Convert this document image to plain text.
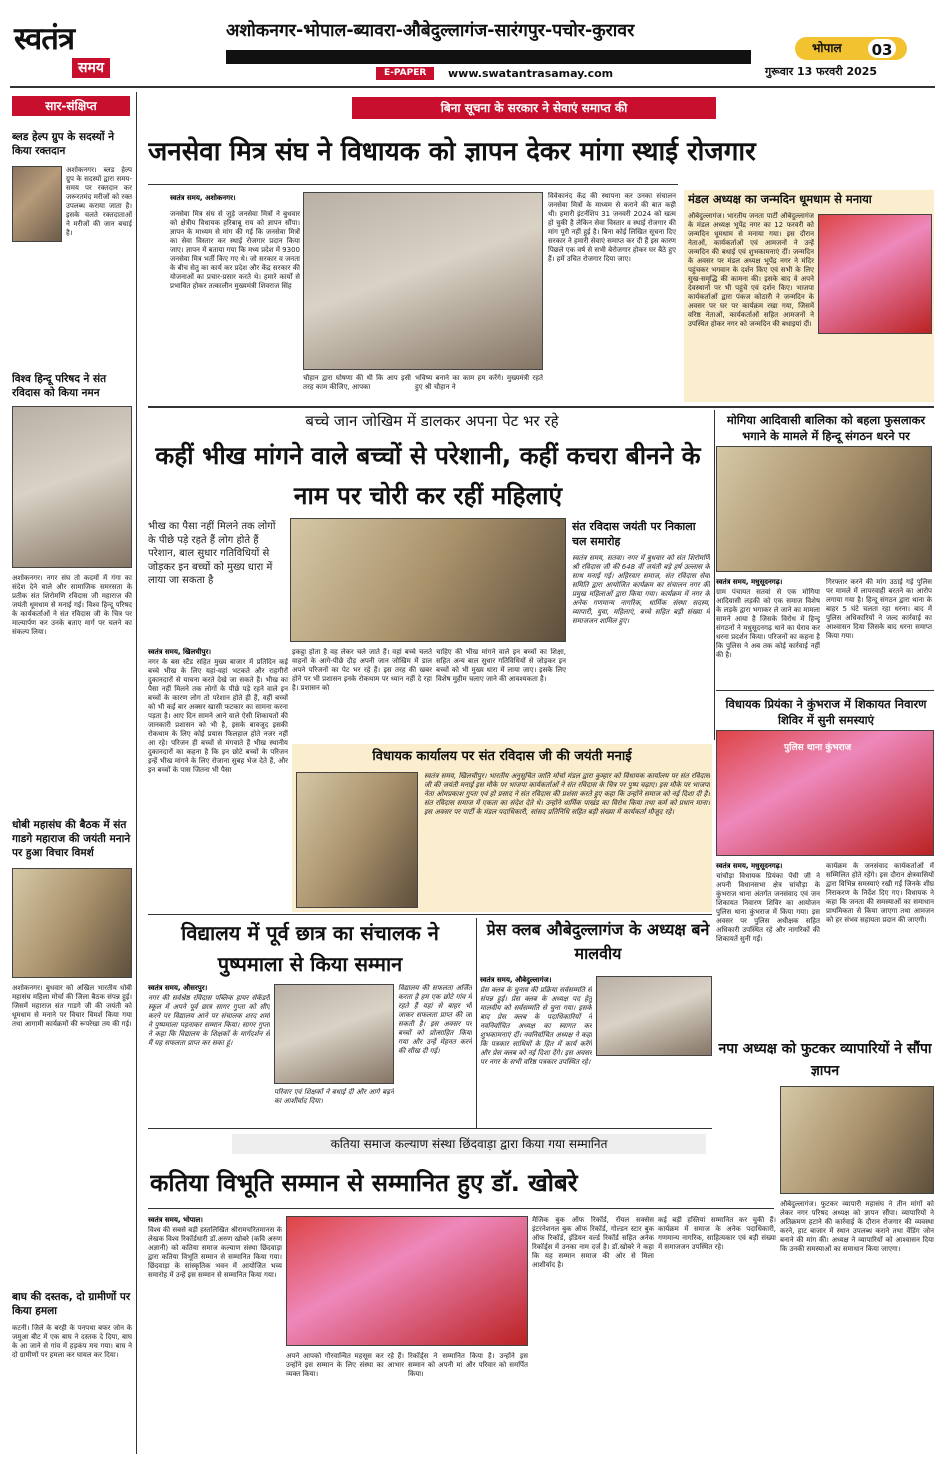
स्वतंत्र
समय
अशोकनगर-भोपाल-ब्यावरा-औबेदुल्लागंज-सारंगपुर-पचोर-कुरावर
E-PAPER	www.swatantrasamay.com
भोपाल	03
गुरूवार 13 फरवरी 2025
सार-संक्षिप्त
ब्लड हेल्प ग्रुप के सदस्यों ने किया रक्तदान
अशोकनगर। ब्लड हेल्प ग्रुप के सदस्यों द्वारा समय-समय पर रक्तदान कर जरूरतमंद मरीजों को रक्त उपलब्ध कराया जाता है। इसके चलते रक्तदाताओं ने मरीजों की जान बचाई है।
विश्व हिन्दू परिषद ने संत रविदास को किया नमन
अशोकनगर। नगर संघ तो कदमों में गंगा का संदेश देने वाले और सामाजिक समरसता के प्रतीक संत शिरोमणि रविदास जी महाराज की जयंती धूमधाम से मनाई गई। विश्व हिन्दू परिषद के कार्यकर्ताओं ने संत रविदास जी के चित्र पर माल्यार्पण कर उनके बताए मार्ग पर चलने का संकल्प लिया।
धोबी महासंघ की बैठक में संत गाडगे महाराज की जयंती मनाने पर हुआ विचार विमर्श
अशोकनगर। बुधवार को अखिल भारतीय धोबी महासंघ महिला मोर्चा की जिला बैठक संपन्न हुई। जिसमें महाराज संत गाडगे जी की जयंती को धूमधाम से मनाने पर विचार विमर्श किया गया तथा आगामी कार्यक्रमों की रूपरेखा तय की गई।
बाघ की दस्तक, दो ग्रामीणों पर किया हमला
कटनी। जिले के बरही के पनपथा बफर जोन के जमुआ बीट में एक बाघ ने दस्तक दे दिया, बाघ के आ जाने से गांव में हड़कंप मच गया। बाघ ने दो ग्रामीणों पर हमला कर घायल कर दिया।
बिना सूचना के सरकार ने सेवाएं समाप्त की
जनसेवा मित्र संघ ने विधायक को ज्ञापन देकर मांगा स्थाई रोजगार
स्वतंत्र समय, अशोकनगर।
जनसेवा मित्र संघ से जुड़े जनसेवा मित्रों ने बुधवार को क्षेत्रीय विधायक हरिबाबू राय को ज्ञापन सौंपा। ज्ञापन के माध्यम से मांग की गई कि जनसेवा मित्रों का सेवा विस्तार कर स्थाई रोजगार प्रदान किया जाए। ज्ञापन में बताया गया कि मध्य प्रदेश में 9300 जनसेवा मित्र भर्ती किए गए थे। जो सरकार व जनता के बीच सेतु का कार्य कर प्रदेश और केंद्र सरकार की योजनाओं का प्रचार-प्रसार करते थे। हमारे कार्यों से प्रभावित होकर तत्कालीन मुख्यमंत्री शिवराज सिंह
चौहान द्वारा घोषणा की थी कि आप इसी तरह काम कीजिए, आपका
भविष्य बनाने का काम हम करेंगे। मुख्यमंत्री रहते हुए श्री चौहान ने
विवेकानंद केंद्र की स्थापना कर उनका संचालन जनसेवा मित्रों के माध्यम से कराने की बात कही थी। हमारी इंटर्नशिप 31 जनवरी 2024 को खत्म हो चुकी है लेकिन सेवा विस्तार व स्थाई रोजगार की मांग पूरी नहीं हुई है। बिना कोई लिखित सूचना दिए सरकार ने हमारी सेवाएं समाप्त कर दी हैं इस कारण पिछले एक वर्ष से सभी बेरोजगार होकर घर बैठे हुए हैं। हमें उचित रोजगार दिया जाए।
मंडल अध्यक्ष का जन्मदिन धूमधाम से मनाया
औबेदुल्लागंज। भारतीय जनता पार्टी औबेदुल्लागंज के मंडल अध्यक्ष भूपेंद्र नगर का 12 फरवरी को जन्मदिन धूमधाम से मनाया गया। इस दौरान नेताओं, कार्यकर्ताओं एवं आमजनों ने उन्हें जन्मदिन की बधाई एवं शुभकामनाएं दीं। जन्मदिन के अवसर पर मंडल अध्यक्ष भूपेंद्र नगर ने मंदिर पहुंचकर भगवान के दर्शन किए एवं सभी के लिए सुख-समृद्धि की कामना की। इसके बाद वे अपने देवस्थानों पर भी पहुंचे एवं दर्शन किए। भाजपा कार्यकर्ताओं द्वारा पंकज कोठारी ने जन्मदिन के अवसर पर घर पर कार्यक्रम रखा गया, जिसमें वरिष्ठ नेताओं, कार्यकर्ताओं सहित आमजनों ने उपस्थित होकर नगर को जन्मदिन की बधाइयां दीं।
बच्चे जान जोखिम में डालकर अपना पेट भर रहे
कहीं भीख मांगने वाले बच्चों से परेशानी, कहीं कचरा बीनने के नाम पर चोरी कर रहीं महिलाएं
भीख का पैसा नहीं मिलने तक लोगों के पीछे पड़े रहते हैं लोग होते हैं परेशान, बाल सुधार गतिविधियों से जोड़कर इन बच्चों को मुख्य धारा में लाया जा सकता है
स्वतंत्र समय, खिलचीपुर।
नगर के बस स्टैंड सहित मुख्य बाजार में प्रतिदिन कई बच्चे भीख के लिए यहां-वहां भटकते और राहगीरों दुकानदारों से याचना करते देखे जा सकते हैं। भीख का पैसा नहीं मिलने तक लोगों के पीछे पड़े रहने वाले इन बच्चों के कारण लोग तो परेशान होते ही हैं, वहीं बच्चों को भी कई बार अक्सर खासी फटकार का सामना करना पड़ता है। आए दिन सामने आने वाले ऐसी शिकायतों की जानकारी प्रशासन को भी है, इसके बावजूद इसकी रोकथाम के लिए कोई प्रयास फिलहाल होते नजर नहीं आ रहे। परिजन ही बच्चों से मंगवाते हैं भीख स्थानीय दुकानदारों का कहना है कि इन छोटे बच्चों के परिजन इन्हें भीख मांगने के लिए रोजाना सुबह भेज देते हैं, और इन बच्चों के पास जितना भी पैसा
इकट्ठा होता है वह लेकर चले जाते हैं। वहां बच्चे चलते वाहनों के आगे-पीछे दौड़ अपनी जान जोखिम में डाल अपने परिजनों का पेट भर रहे हैं। इस तरह की खबर होने पर भी प्रशासन इनके रोकथाम पर ध्यान नहीं दे रहा है। प्रशासन को
चाहिए की भीख मांगने वाले इन बच्चों का शिक्षा, सहित अन्य बाल सुधार गतिविधियों से जोड़कर इन बच्चों को भी मुख्य धारा में लाया जाए। इसके लिए विशेष मुहीम चलाए जाने की आवश्यकता है।
संत रविदास जयंती पर निकाला चल समारोह
स्वतंत्र समय, सतवा। नगर में बुधवार को संत शिरोमणि श्री रविदास जी की 648 वीं जयंती बड़े हर्ष उल्लास के साथ मनाई गई। अहिरवार समाज, संत रविदास सेवा समिति द्वारा आयोजित कार्यक्रम का संचालन नगर की प्रमुख महिलाओं द्वारा किया गया। कार्यक्रम में नगर के अनेक गणमान्य नागरिक, धार्मिक संस्था सदस्य, व्यापारी, युवा, महिलाएं, बच्चे सहित बड़ी संख्या में समाजजन शामिल हुए।
मोगिया आदिवासी बालिका को बहला फुसलाकर भगाने के मामले में हिन्दू संगठन धरने पर
स्वतंत्र समय, मधुसूदनगढ़।
ग्राम पंचायत सतवां से एक मोगिया आदिवासी लड़की को एक समाज विशेष के लड़के द्वारा भगाकर ले जाने का मामला सामने आया है जिसके विरोध में हिन्दू संगठनों ने मधुसूदनगढ़ थाने का घेराव कर धरना प्रदर्शन किया। परिजनों का कहना है कि पुलिस ने अब तक कोई कार्रवाई नहीं की है।
गिरफ्तार करने की मांग उठाई गई पुलिस पर मामले में लापरवाही बरतने का आरोप लगाया गया है। हिन्दू संगठन द्वारा थाना के बाहर 5 घंटे चलता रहा धरना। बाद में पुलिस अधिकारियों ने जल्द कार्रवाई का आश्वासन दिया जिसके बाद धरना समाप्त किया गया।
विधायक कार्यालय पर संत रविदास जी की जयंती मनाई
स्वतंत्र समय, खिलचीपुर। भारतीय अनुसूचित जाति मोर्चा मंडल द्वारा कुम्हार को विधायक कार्यालय पर संत रविदास जी की जयंती मनाई इस मौके पर भाजपा कार्यकर्ताओं ने संत रविदास के चित्र पर पुष्प चढ़ाए। इस मौके पर भाजपा नेता ओमप्रकाश गुप्ता एवं हो प्रसाद ने संत रविदास की प्रशंसा करते हुए कहा कि उन्होंने समाज को नई दिशा दी है। संत रविदास समाज में एकता का संदेश देते थे। उन्होंने धार्मिक पाखंड का विरोध किया तथा कर्म को प्रधान माना। इस अवसर पर पार्टी के मंडल पदाधिकारी, सांसद प्रतिनिधि सहित बड़ी संख्या में कार्यकर्ता मौजूद रहे।
विधायक प्रियंका ने कुंभराज में शिकायत निवारण शिविर में सुनी समस्याएं
पुलिस थाना कुंभराज
स्वतंत्र समय, मधुसूदनगढ़।
चांचौड़ा विधायक प्रियंका पेंची जी ने अपनी विधानसभा क्षेत्र चांचौड़ा के कुंभराज थाना अंतर्गत जनसंवाद एवं जन शिकायत निवारण शिविर का आयोजन पुलिस थाना कुंभराज में किया गया। इस अवसर पर पुलिस अधीक्षक सहित अधिकारी उपस्थित रहे और नागरिकों की शिकायतें सुनी गईं।
कार्यक्रम के जनसंवाद कार्यकर्ताओं में सम्मिलित होते रहेंगे। इस दौरान क्षेत्रवासियों द्वारा विभिन्न समस्याएं रखी गईं जिनके शीघ्र निराकरण के निर्देश दिए गए। विधायक ने कहा कि जनता की समस्याओं का समाधान प्राथमिकता से किया जाएगा तथा आमजन को हर संभव सहायता प्रदान की जाएगी।
विद्यालय में पूर्व छात्र का संचालक ने पुष्पमाला से किया सम्मान
स्वतंत्र समय, औसरपुर।
नगर की सर्वश्रेष्ठ रविदास पब्लिक हायर सेकेंडरी स्कूल में अपने पूर्व छात्र सागर गुप्ता को सीए करने पर विद्यालय आने पर संचालक शरद शर्मा ने पुष्पमाला पहनाकर सम्मान किया। सागर गुप्ता ने कहा कि विद्यालय के शिक्षकों के मार्गदर्शन से मैं यह सफलता प्राप्त कर सका हूं।
परिवार एवं शिक्षकों ने बधाई दी और आगे बढ़ने का आशीर्वाद दिया।
विद्यालय की सफलता अर्जित करता है हम एक छोटे गांव में रहते हैं यहां से बाहर भी जाकर सफलता प्राप्त की जा सकती है। इस अवसर पर बच्चों को प्रोत्साहित किया गया और उन्हें मेहनत करने की सीख दी गई।
प्रेस क्लब औबेदुल्लागंज के अध्यक्ष बने मालवीय
स्वतंत्र समय, औबेदुल्लागंज।
प्रेस क्लब के चुनाव की प्रक्रिया सर्वसम्मति से संपन्न हुई। प्रेस क्लब के अध्यक्ष पद हेतु मालवीय को सर्वसम्मति से चुना गया। इसके बाद प्रेस क्लब के पदाधिकारियों ने नवनिर्वाचित अध्यक्ष का स्वागत कर शुभकामनाएं दीं। नवनिर्वाचित अध्यक्ष ने कहा कि पत्रकार साथियों के हित में कार्य करेंगे और प्रेस क्लब को नई दिशा देंगे। इस अवसर पर नगर के सभी वरिष्ठ पत्रकार उपस्थित रहे।
नपा अध्यक्ष को फुटकर व्यापारियों ने सौंपा ज्ञापन
औबेदुल्लागंज। फुटकर व्यापारी महासंघ ने तीन मांगों को लेकर नगर परिषद अध्यक्ष को ज्ञापन सौंपा। व्यापारियों ने अतिक्रमण हटाने की कार्रवाई के दौरान रोजगार की व्यवस्था करने, हाट बाजार में स्थान उपलब्ध कराने तथा वेंडिंग जोन बनाने की मांग की। अध्यक्ष ने व्यापारियों को आश्वासन दिया कि उनकी समस्याओं का समाधान किया जाएगा।
कतिया समाज कल्याण संस्था छिंदवाड़ा द्वारा किया गया सम्मानित
कतिया विभूति सम्मान से सम्मानित हुए डॉ. खोबरे
स्वतंत्र समय, भोपाल।
विश्व की सबसे बड़ी हस्तलिखित श्रीरामचरितमानस के लेखक विश्व रिकॉर्डधारी डॉ.अरुण खोबरे (कवि अरुण अज्ञानी) को कतिया समाज कल्याण संस्था छिंदवाड़ा द्वारा कतिया विभूति सम्मान से सम्मानित किया गया। छिंदवाड़ा के सांस्कृतिक भवन में आयोजित भव्य समारोह में उन्हें इस सम्मान से सम्मानित किया गया।
अपने आपको गौरवान्वित महसूस कर रहे हैं। उन्होंने इस सम्मान के लिए संस्था का आभार व्यक्त किया।
रिकॉर्ड्स ने सम्मानित किया है। उन्होंने इस सम्मान को अपनी मां और परिवार को समर्पित किया।
मैजिक बुक ऑफ रिकॉर्ड, रॉयल सक्सेस इंटरनेशनल बुक ऑफ रिकॉर्ड, गोल्डन स्टार बुक ऑफ रिकॉर्ड, इंडियन वर्ल्ड रिकॉर्ड सहित अनेक रिकॉर्ड्स में उनका नाम दर्ज है। डॉ.खोबरे ने कहा कि यह सम्मान समाज की ओर से मिला आशीर्वाद है।
कई बड़ी हस्तियां सम्मानित कर चुकी हैं। कार्यक्रम में समाज के अनेक पदाधिकारी, गणमान्य नागरिक, साहित्यकार एवं बड़ी संख्या में समाजजन उपस्थित रहे।
